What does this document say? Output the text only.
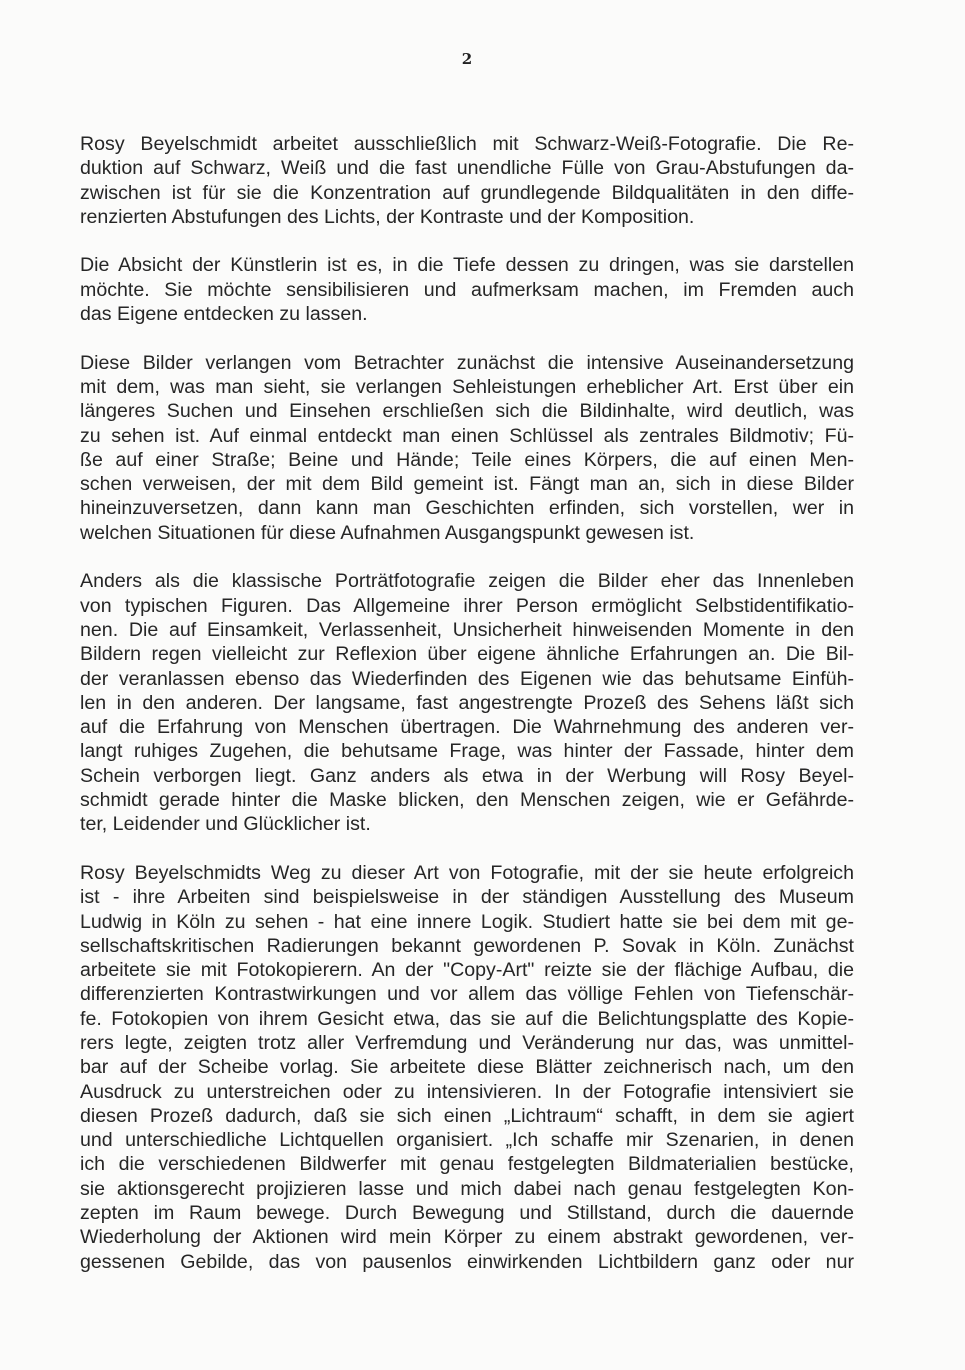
2
Rosy Beyelschmidt arbeitet ausschließlich mit Schwarz-Weiß-Fotografie. Die Re-
duktion auf Schwarz, Weiß und die fast unendliche Fülle von Grau-Abstufungen da-
zwischen ist für sie die Konzentration auf grundlegende Bildqualitäten in den diffe-
renzierten Abstufungen des Lichts, der Kontraste und der Komposition.
Die Absicht der Künstlerin ist es, in die Tiefe dessen zu dringen, was sie darstellen
möchte. Sie möchte sensibilisieren und aufmerksam machen, im Fremden auch
das Eigene entdecken zu lassen.
Diese Bilder verlangen vom Betrachter zunächst die intensive Auseinandersetzung
mit dem, was man sieht, sie verlangen Sehleistungen erheblicher Art. Erst über ein
längeres Suchen und Einsehen erschließen sich die Bildinhalte, wird deutlich, was
zu sehen ist. Auf einmal entdeckt man einen Schlüssel als zentrales Bildmotiv; Fü-
ße auf einer Straße; Beine und Hände; Teile eines Körpers, die auf einen Men-
schen verweisen, der mit dem Bild gemeint ist. Fängt man an, sich in diese Bilder
hineinzuversetzen, dann kann man Geschichten erfinden, sich vorstellen, wer in
welchen Situationen für diese Aufnahmen Ausgangspunkt gewesen ist.
Anders als die klassische Porträtfotografie zeigen die Bilder eher das Innenleben
von typischen Figuren. Das Allgemeine ihrer Person ermöglicht Selbstidentifikatio-
nen. Die auf Einsamkeit, Verlassenheit, Unsicherheit hinweisenden Momente in den
Bildern regen vielleicht zur Reflexion über eigene ähnliche Erfahrungen an. Die Bil-
der veranlassen ebenso das Wiederfinden des Eigenen wie das behutsame Einfüh-
len in den anderen. Der langsame, fast angestrengte Prozeß des Sehens läßt sich
auf die Erfahrung von Menschen übertragen. Die Wahrnehmung des anderen ver-
langt ruhiges Zugehen, die behutsame Frage, was hinter der Fassade, hinter dem
Schein verborgen liegt. Ganz anders als etwa in der Werbung will Rosy Beyel-
schmidt gerade hinter die Maske blicken, den Menschen zeigen, wie er Gefährde-
ter, Leidender und Glücklicher ist.
Rosy Beyelschmidts Weg zu dieser Art von Fotografie, mit der sie heute erfolgreich
ist - ihre Arbeiten sind beispielsweise in der ständigen Ausstellung des Museum
Ludwig in Köln zu sehen - hat eine innere Logik. Studiert hatte sie bei dem mit ge-
sellschaftskritischen Radierungen bekannt gewordenen P. Sovak in Köln. Zunächst
arbeitete sie mit Fotokopierern. An der "Copy-Art" reizte sie der flächige Aufbau, die
differenzierten Kontrastwirkungen und vor allem das völlige Fehlen von Tiefenschär-
fe. Fotokopien von ihrem Gesicht etwa, das sie auf die Belichtungsplatte des Kopie-
rers legte, zeigten trotz aller Verfremdung und Veränderung nur das, was unmittel-
bar auf der Scheibe vorlag. Sie arbeitete diese Blätter zeichnerisch nach, um den
Ausdruck zu unterstreichen oder zu intensivieren. In der Fotografie intensiviert sie
diesen Prozeß dadurch, daß sie sich einen „Lichtraum“ schafft, in dem sie agiert
und unterschiedliche Lichtquellen organisiert. „Ich schaffe mir Szenarien, in denen
ich die verschiedenen Bildwerfer mit genau festgelegten Bildmaterialien bestücke,
sie aktionsgerecht projizieren lasse und mich dabei nach genau festgelegten Kon-
zepten im Raum bewege. Durch Bewegung und Stillstand, durch die dauernde
Wiederholung der Aktionen wird mein Körper zu einem abstrakt gewordenen, ver-
gessenen Gebilde, das von pausenlos einwirkenden Lichtbildern ganz oder nur
